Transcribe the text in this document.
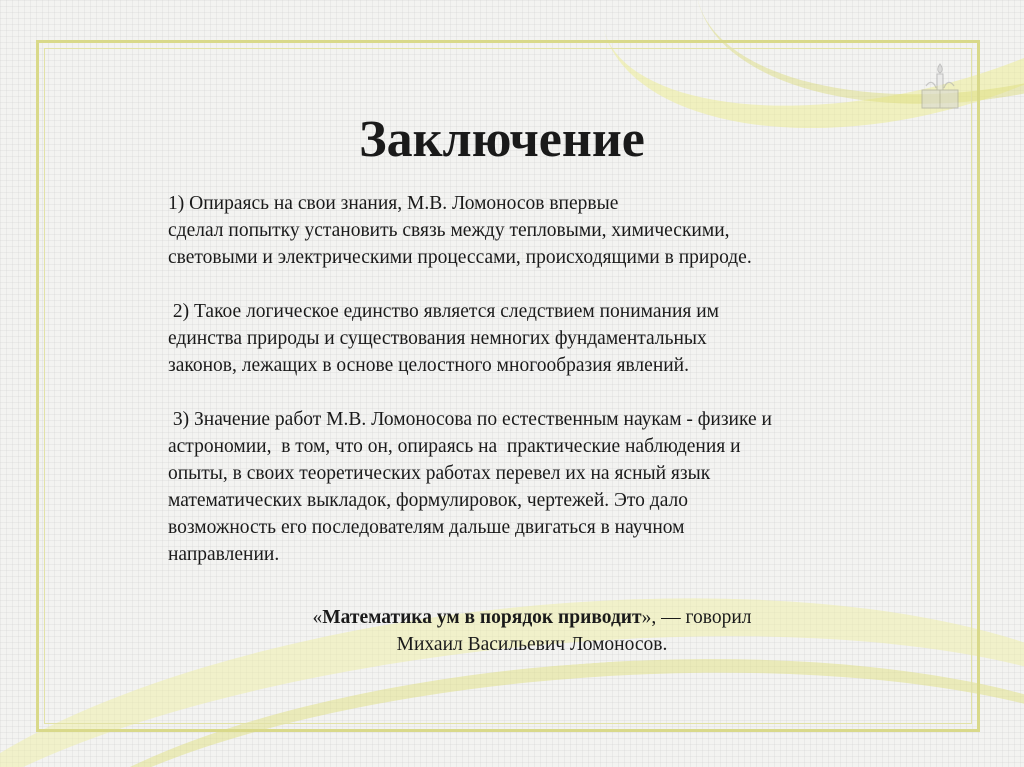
Заключение

1) Опираясь на свои знания, М.В. Ломоносов впервые
сделал попытку установить связь между тепловыми, химическими,
световыми и электрическими процессами, происходящими в природе.

2) Такое логическое единство является следствием понимания им
единства природы и существования немногих фундаментальных
законов, лежащих в основе целостного многообразия явлений.

3) Значение работ М.В. Ломоносова по естественным наукам - физике и
астрономии,  в том, что он, опираясь на  практические наблюдения и
опыты, в своих теоретических работах перевел их на ясный язык
математических выкладок, формулировок, чертежей. Это дало
возможность его последователям дальше двигаться в научном
направлении.

«Математика ум в порядок приводит», — говорил
Михаил Васильевич Ломоносов.
